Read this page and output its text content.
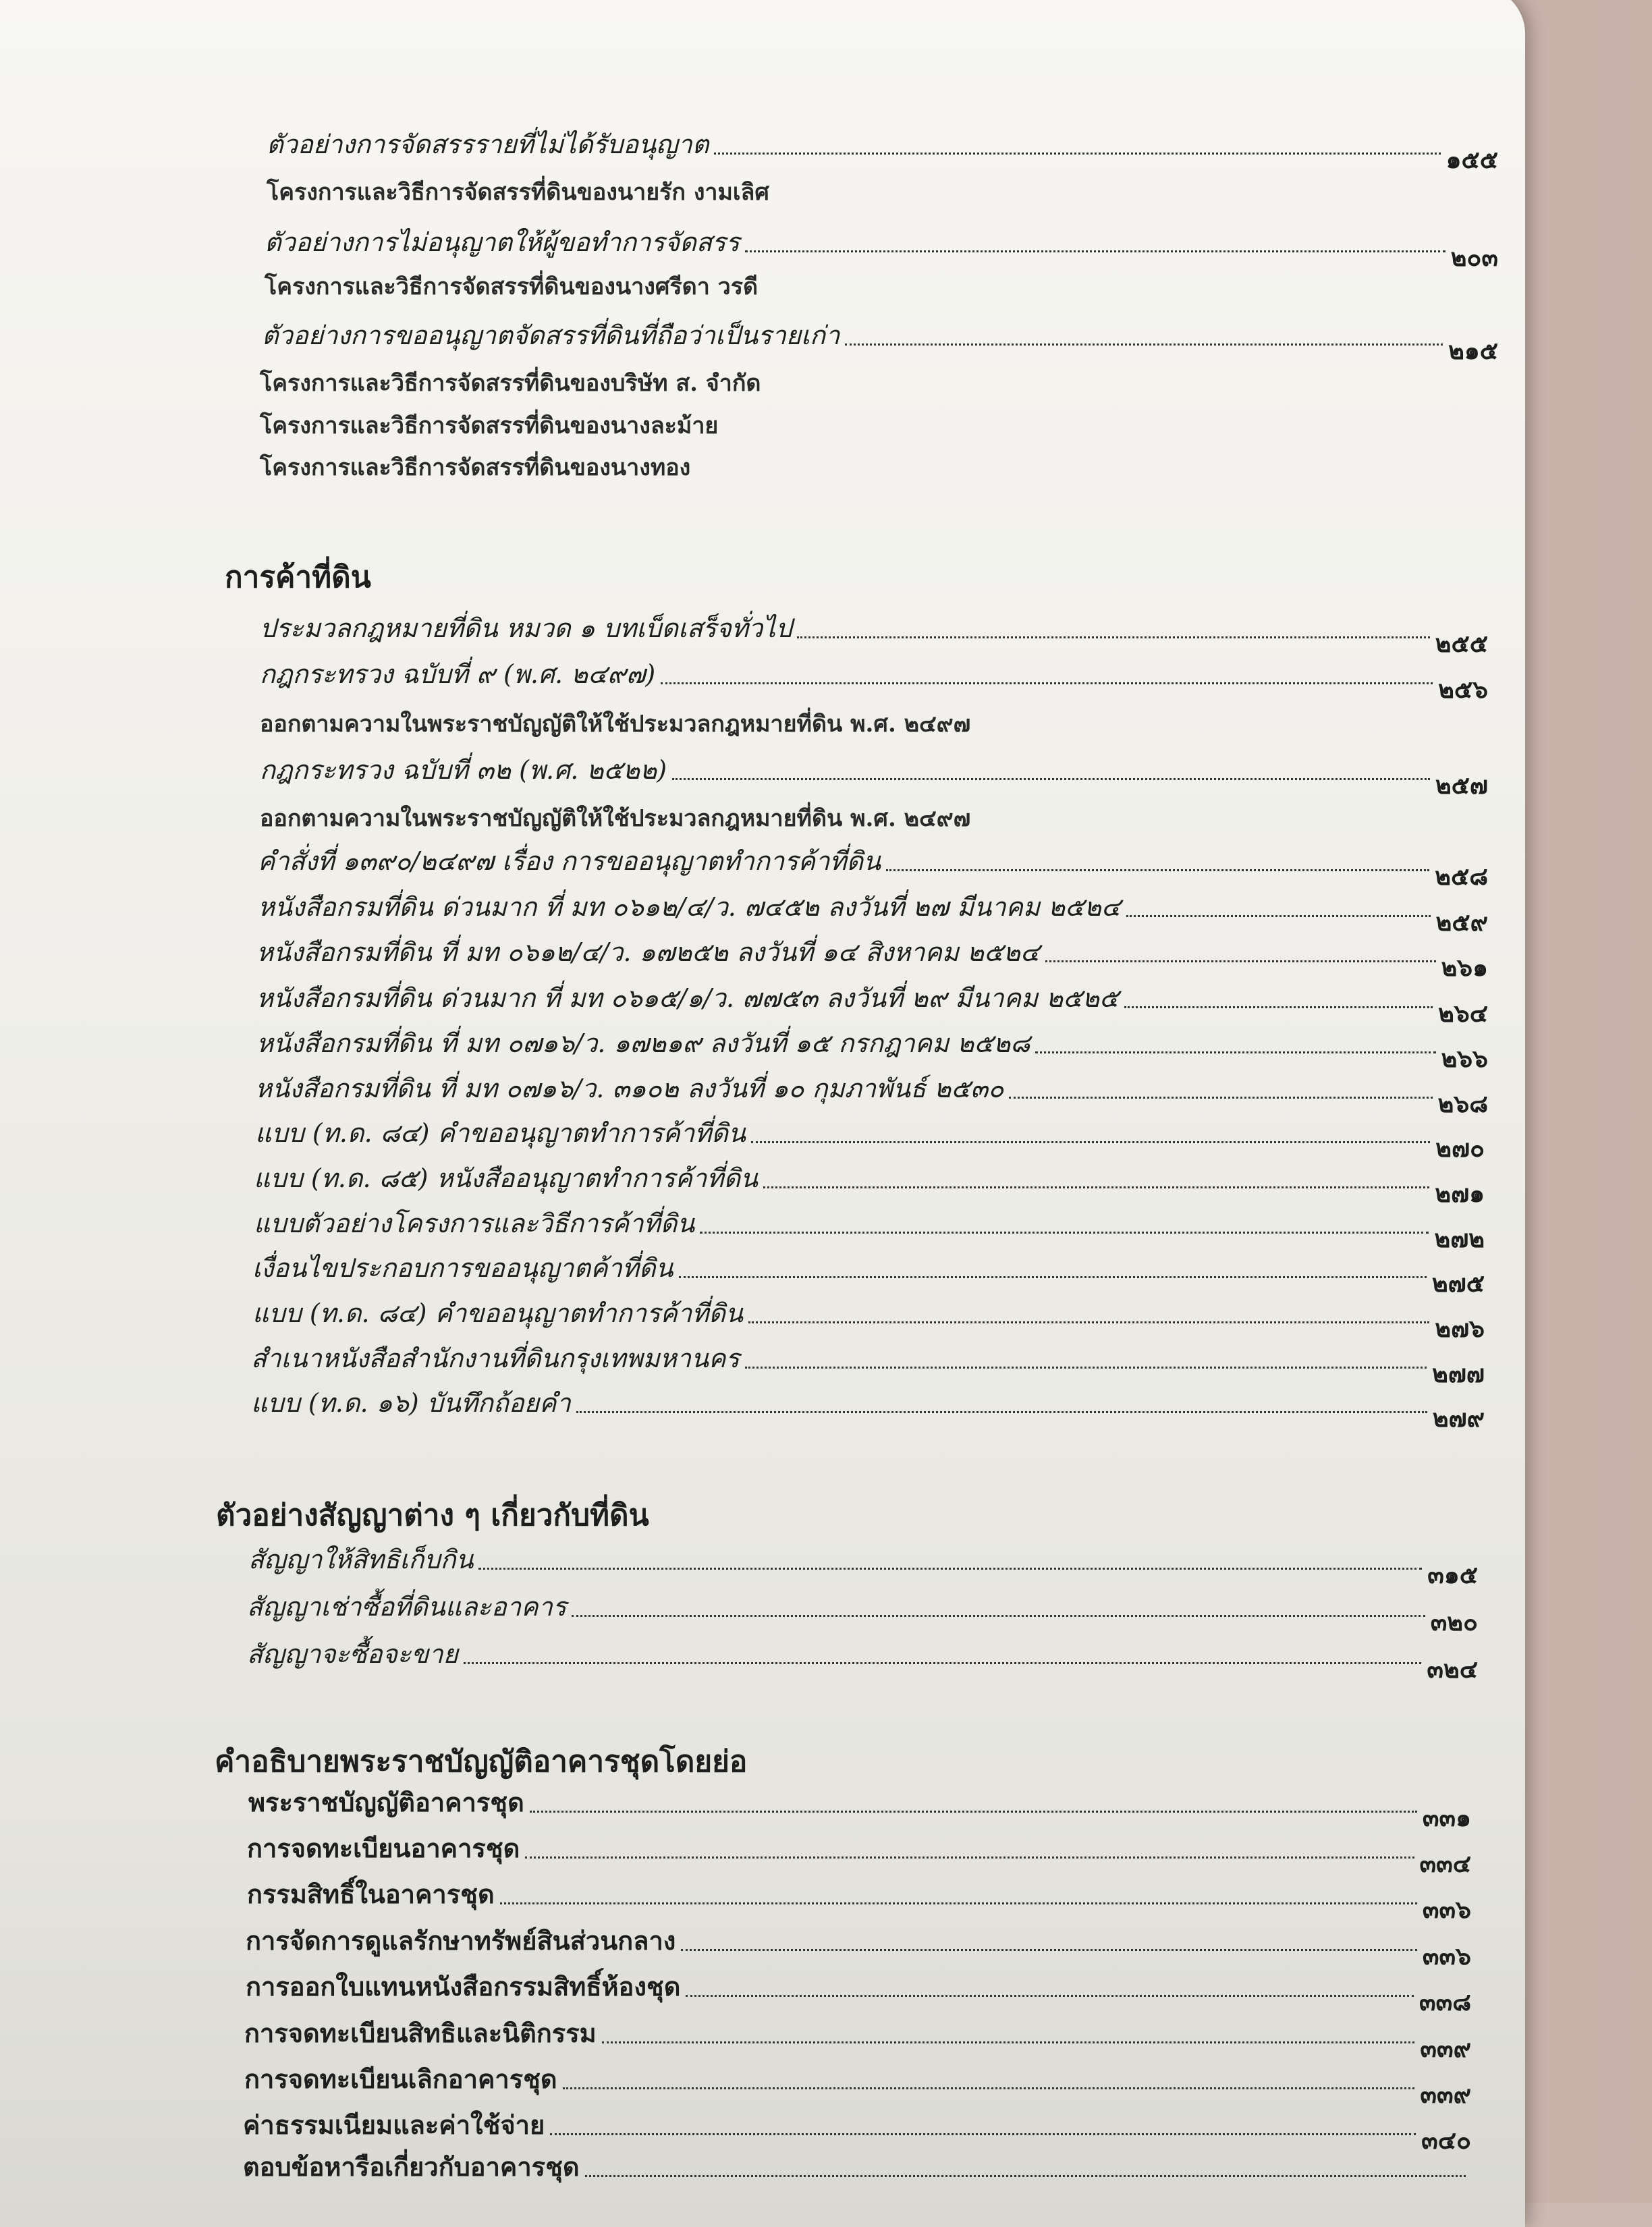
ตัวอย่างการจัดสรรรายที่ไม่ได้รับอนุญาต
๑๕๕
โครงการและวิธีการจัดสรรที่ดินของนายรัก งามเลิศ
ตัวอย่างการไม่อนุญาตให้ผู้ขอทำการจัดสรร
๒๐๓
โครงการและวิธีการจัดสรรที่ดินของนางศรีดา วรดี
ตัวอย่างการขออนุญาตจัดสรรที่ดินที่ถือว่าเป็นรายเก่า
๒๑๕
โครงการและวิธีการจัดสรรที่ดินของบริษัท ส. จำกัด
โครงการและวิธีการจัดสรรที่ดินของนางละม้าย
โครงการและวิธีการจัดสรรที่ดินของนางทอง
การค้าที่ดิน
ประมวลกฎหมายที่ดิน หมวด ๑ บทเบ็ดเสร็จทั่วไป
๒๕๕
กฎกระทรวง ฉบับที่ ๙ (พ.ศ. ๒๔๙๗)
๒๕๖
ออกตามความในพระราชบัญญัติให้ใช้ประมวลกฎหมายที่ดิน พ.ศ. ๒๔๙๗
กฎกระทรวง ฉบับที่ ๓๒ (พ.ศ. ๒๕๒๒)
๒๕๗
ออกตามความในพระราชบัญญัติให้ใช้ประมวลกฎหมายที่ดิน พ.ศ. ๒๔๙๗
คำสั่งที่ ๑๓๙๐/๒๔๙๗ เรื่อง การขออนุญาตทำการค้าที่ดิน
๒๕๘
หนังสือกรมที่ดิน ด่วนมาก ที่ มท ๐๖๑๒/๔/ว. ๗๔๕๒ ลงวันที่ ๒๗ มีนาคม ๒๕๒๔
๒๕๙
หนังสือกรมที่ดิน ที่ มท ๐๖๑๒/๔/ว. ๑๗๒๕๒ ลงวันที่ ๑๔ สิงหาคม ๒๕๒๔
๒๖๑
หนังสือกรมที่ดิน ด่วนมาก ที่ มท ๐๖๑๕/๑/ว. ๗๗๕๓ ลงวันที่ ๒๙ มีนาคม ๒๕๒๕
๒๖๔
หนังสือกรมที่ดิน ที่ มท ๐๗๑๖/ว. ๑๗๒๑๙ ลงวันที่ ๑๕ กรกฎาคม ๒๕๒๘
๒๖๖
หนังสือกรมที่ดิน ที่ มท ๐๗๑๖/ว. ๓๑๐๒ ลงวันที่ ๑๐ กุมภาพันธ์ ๒๕๓๐
๒๖๘
แบบ (ท.ด. ๘๔) คำขออนุญาตทำการค้าที่ดิน
๒๗๐
แบบ (ท.ด. ๘๕) หนังสืออนุญาตทำการค้าที่ดิน
๒๗๑
แบบตัวอย่างโครงการและวิธีการค้าที่ดิน
๒๗๒
เงื่อนไขประกอบการขออนุญาตค้าที่ดิน
๒๗๕
แบบ (ท.ด. ๘๔) คำขออนุญาตทำการค้าที่ดิน
๒๗๖
สำเนาหนังสือสำนักงานที่ดินกรุงเทพมหานคร
๒๗๗
แบบ (ท.ด. ๑๖) บันทึกถ้อยคำ
๒๗๙
ตัวอย่างสัญญาต่าง ๆ เกี่ยวกับที่ดิน
สัญญาให้สิทธิเก็บกิน
๓๑๕
สัญญาเช่าซื้อที่ดินและอาคาร
๓๒๐
สัญญาจะซื้อจะขาย
๓๒๔
คำอธิบายพระราชบัญญัติอาคารชุดโดยย่อ
พระราชบัญญัติอาคารชุด
๓๓๑
การจดทะเบียนอาคารชุด
๓๓๔
กรรมสิทธิ์ในอาคารชุด
๓๓๖
การจัดการดูแลรักษาทรัพย์สินส่วนกลาง
๓๓๖
การออกใบแทนหนังสือกรรมสิทธิ์ห้องชุด
๓๓๘
การจดทะเบียนสิทธิและนิติกรรม
๓๓๙
การจดทะเบียนเลิกอาคารชุด
๓๓๙
ค่าธรรมเนียมและค่าใช้จ่าย
๓๔๐
ตอบข้อหารือเกี่ยวกับอาคารชุด
